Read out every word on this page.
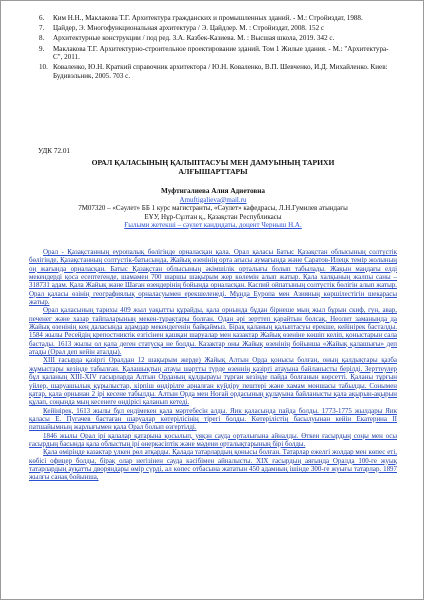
6. Ким Н.Н., Маклакова Т.Г. Архитектура гражданских и промышленных зданий. - М.: Стройиздат, 1988.
7. Цайдер, Э. Многофункциональная архитектура / Э. Цайдлер. М. : Стройиздат, 2008. 152 с
8. Архитектурные конструкции / под ред. З.А. Казбек-Казиева. М. : Высшая школа, 2019. 342 с.
9. Маклакова Т.Г. Архитектурно-строительное проектирование зданий. Том 1 Жилые здания. - М.: "Архитектура-С", 2011.
10. Коваленко, Ю.Н. Краткий справочник архитектора / Ю.Н. Коваленко, В.П. Шевченко, И.Д. Михайленко. Киев: Будивэльник, 2005. 703 с.
УДК 72.01
ОРАЛ ҚАЛАСЫНЫҢ ҚАЛЫПТАСУЫ МЕН ДАМУЫНЫҢ ТАРИХИ АЛҒЫШАРТТАРЫ
Муфтигалиева Алия Адиетовна
Amuftigalieva@mail.ru
7М07320 – «Сәулет» ББ 1 курс магистранты, «Сәулет» кафедрасы, Л.Н.Гумилев атындағы
ЕҰУ, Нұр-Сұлтан қ., Қазақстан Республикасы
Ғылыми жетекші – сәулет кандидаты, доцент Черныш Н.А.

Орал - Қазақстанның еуропалық бөлігінде орналасқан қала. Орал қаласы Батыс Қазақстан облысының солтүстік бөлігінде, Қазақстанның солтүстік-батысында, Жайық өзенінің орта ағысы аумағында және Саратов-Илецк темір жолының оң жағында орналасқан. Батыс Қазақстан облысының әкімшілік орталығы болып табылады. Жақын маңдағы елді мекендерді қоса есептегенде, шамамен 700 шаршы шақырым жер көлемін алып жатыр. Қала халқының жалпы саны – 318731 адам. Қала Жайық және Шаған өзендерінің бойында орналасқан. Каспий ойпатының солтүстік бөлігін алып жатыр. Орал қаласы өзінің географиялық орналасуымен ерекшеленеді. Мұнда Еуропа мен Азияның көршілестігін шекарасы жатыр.

Орал қаласының тарихы 409 жыл уақытты құрайды, қала орнында бұдан бірнеше мың жыл бұрын скиф, гун, авар, печенег және хазар тайпаларының мекен-тұрақтары болған. Одан әрі зерттеп қарайтын болсақ, Неолит заманында да Жайық өзенінің кең даласында адамдар мекендегенін байқаймыз. Бірақ қаланың қалыптасуы ерекше, кейінірек басталды. 1584 жылы Ресейдің крепостниктік езгісінен қашқан шаруалар мен казактар Жайық өзеніне көшіп келіп, қоныстарын сала бастады. 1613 жылы ол қала деген статусқа не болды. Казактар оны Жайық өзенінің бойынша «Жайық қалашығы» деп атады (Орал деп кейін аталды).

XIII ғасырда қазіргі Оралдан 12 шақырым жерде) Жайық Алтын Орда қонысы болған, оның қалдықтары қазба жұмыстары кезінде табылған. Қалашықтың атауы шартты түрде өзеннің қазіргі атауына байланысты берілді. Зерттеулер бұл қаланың XIII-XIV ғасырларда Алтын Орданың құлдырауы тұрған кезінде пайда болғанын көрсетті. Қаланы тұрғын үйлер, шаруашылық құрылыстар, кірпіш өндірілге арналған күйдіру пештері және хамам моншасы табылды. Сонымен қатар, қала орнынан 2 ірі кесене табылды. Алтын Орда мен Ноғай ордасының құлауына байланысты қала ақырын-ақырын құлап, соңында мың кесенеге өндірісі қаланып кетеді.

Кейінірек, 1613 жылы бұл ендімекен қала мәртебесін алды. Яик қаласында пайда болды. 1773-1775 жылдары Яик қаласы Е. Пугачев бастаған шаруалар көтерілісінің тірегі болды. Көтерілістің басылуынан кейін Екатерина II патшайымның жарлығымен қала Орал болып өзгертілді.

1846 жылы Орал ірі қалалар қатарына қосылып, уяқзн сауда орталығына айналды. Өткен ғасырдың соңы мен осы ғасырдың басында қала облыстың ірі өнеркәсіптік және мәдени орталықтарының бірі болды.

Қала өмірінде казактар үлкен рөл атқарды. Қалада татарлардың қонысы болған. Татарлар ежелгі жолдар мен көпес еті, көбісі офицер болды, бірақ олар негізінен сауда кәсібімен айналысты. XIX ғасырдың аяғында Оралда 100-ге жуық татарлардың ауқатты дворяндары өмір сүрді, ал көпес отбасына жататын 450 адамның ішінде 300-ге жуығы татарлар. 1897 жылғы санақ бойынша,
